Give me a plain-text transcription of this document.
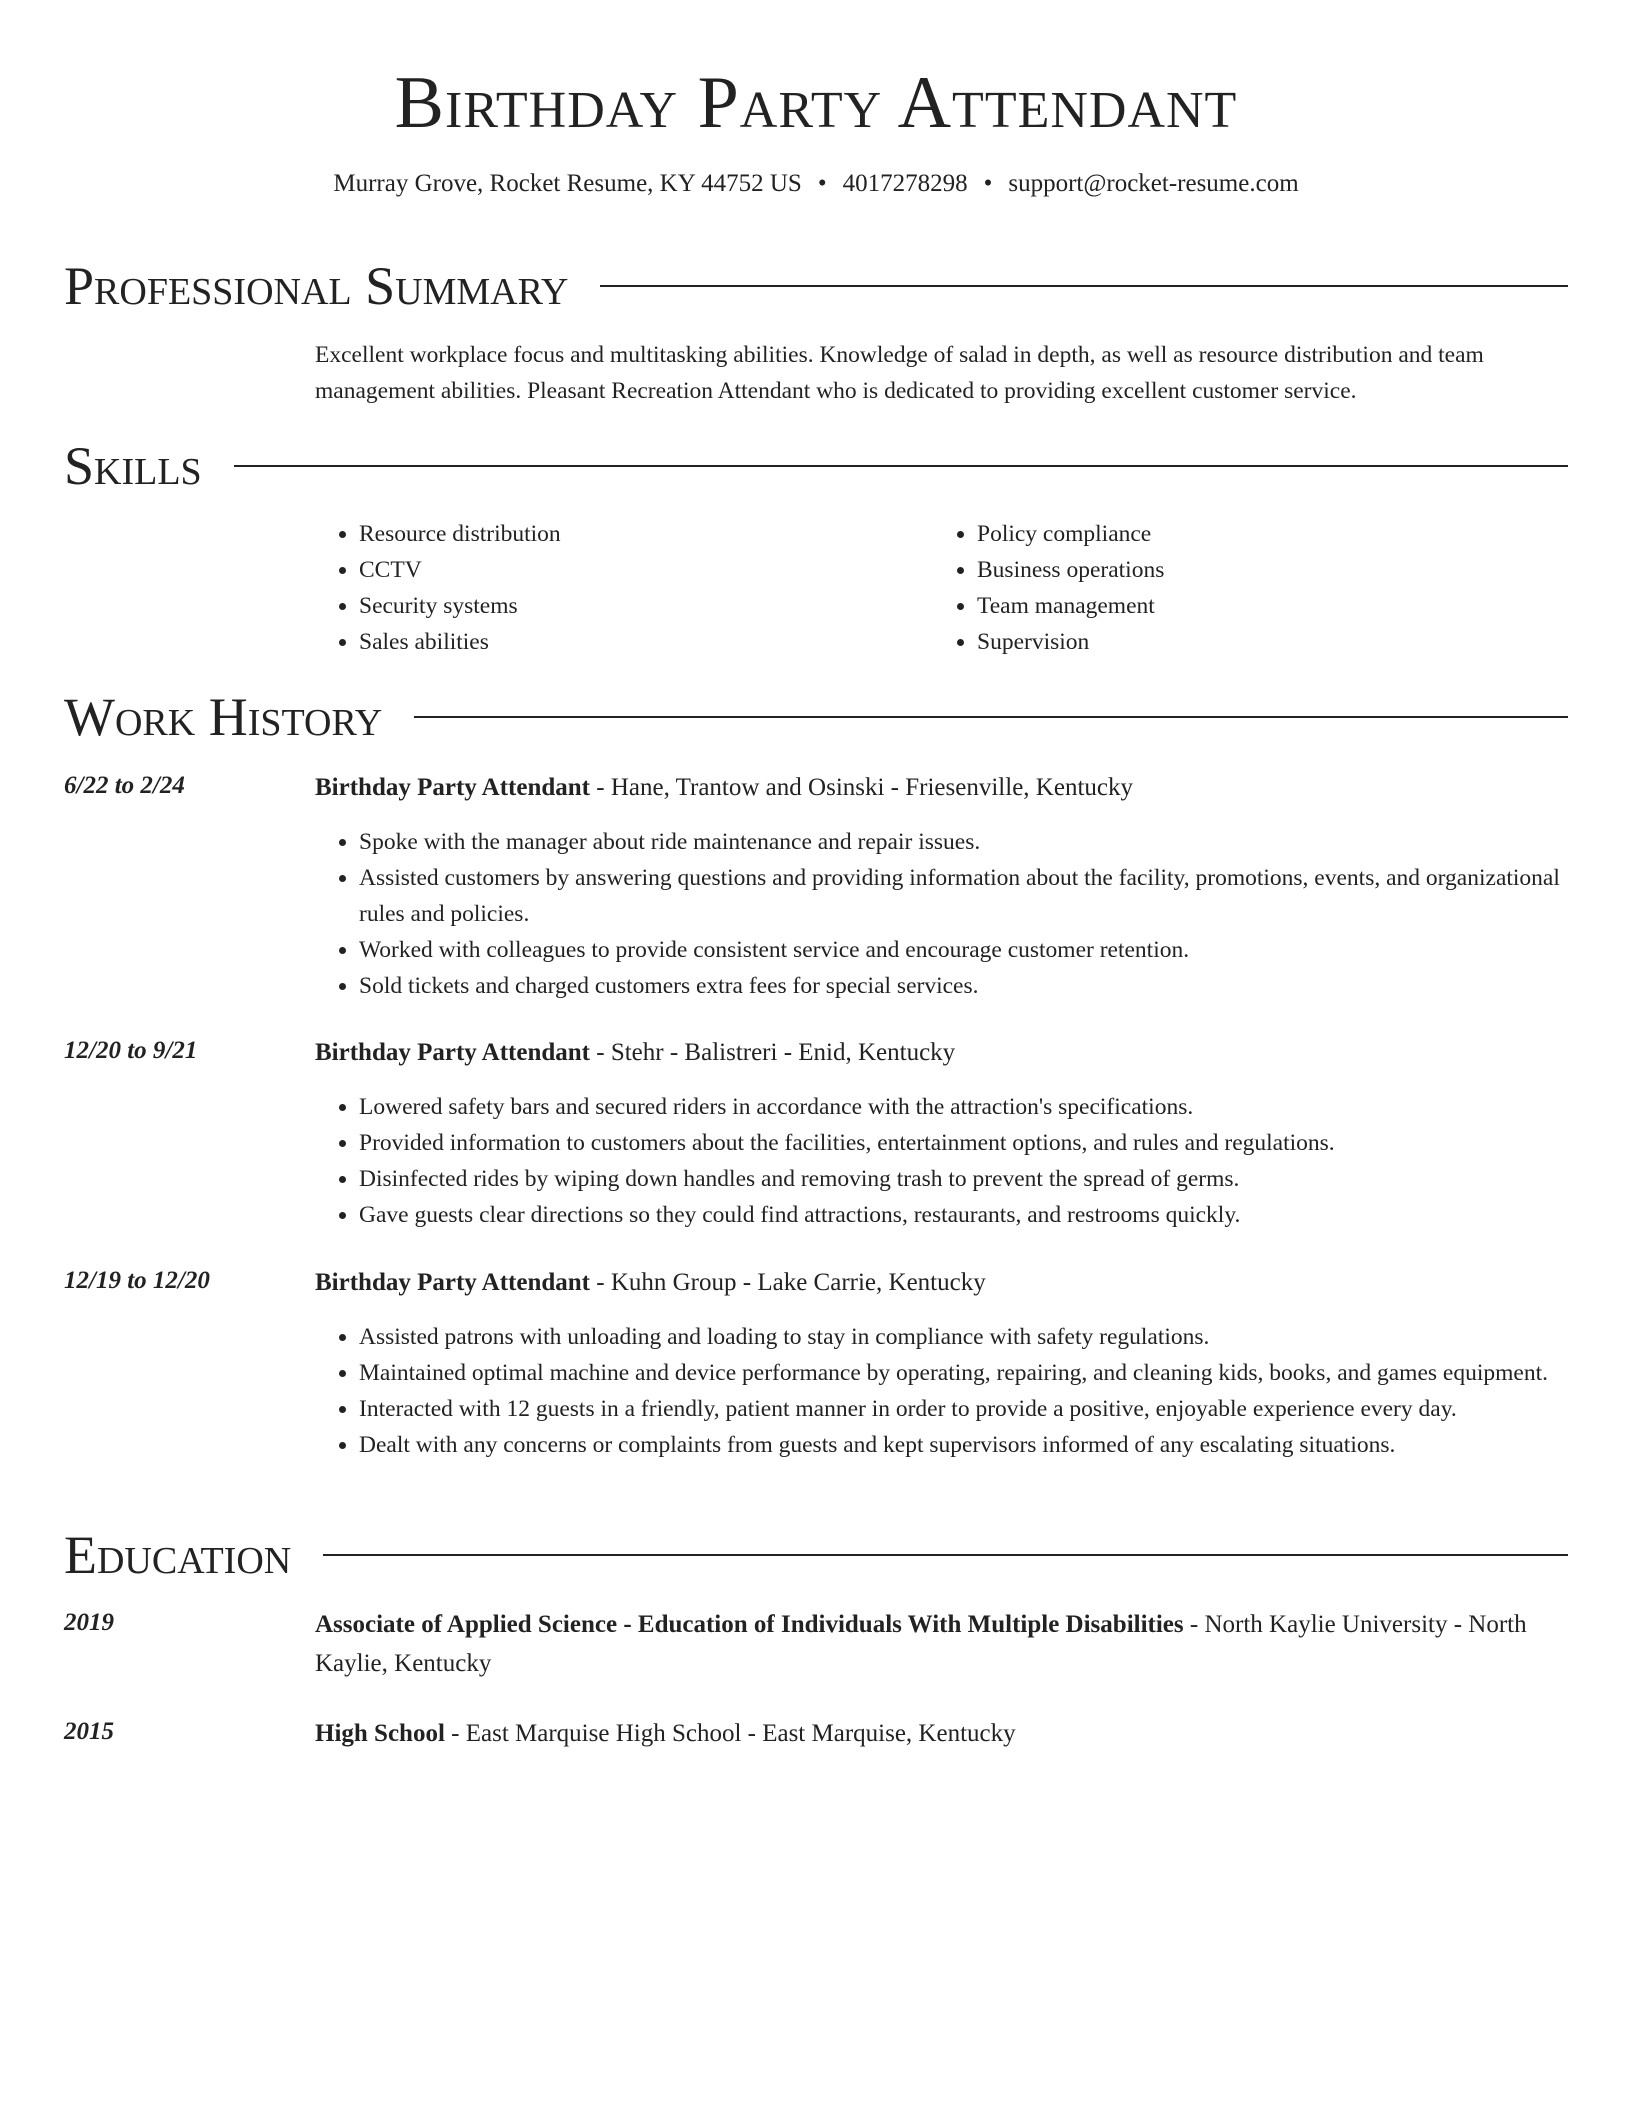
Birthday Party Attendant
Murray Grove, Rocket Resume, KY 44752 US • 4017278298 • support@rocket-resume.com
Professional Summary
Excellent workplace focus and multitasking abilities. Knowledge of salad in depth, as well as resource distribution and team management abilities. Pleasant Recreation Attendant who is dedicated to providing excellent customer service.
Skills
• Resource distribution
• CCTV
• Security systems
• Sales abilities
• Policy compliance
• Business operations
• Team management
• Supervision
Work History
6/22 to 2/24	Birthday Party Attendant - Hane, Trantow and Osinski - Friesenville, Kentucky
• Spoke with the manager about ride maintenance and repair issues.
• Assisted customers by answering questions and providing information about the facility, promotions, events, and organizational rules and policies.
• Worked with colleagues to provide consistent service and encourage customer retention.
• Sold tickets and charged customers extra fees for special services.
12/20 to 9/21	Birthday Party Attendant - Stehr - Balistreri - Enid, Kentucky
• Lowered safety bars and secured riders in accordance with the attraction's specifications.
• Provided information to customers about the facilities, entertainment options, and rules and regulations.
• Disinfected rides by wiping down handles and removing trash to prevent the spread of germs.
• Gave guests clear directions so they could find attractions, restaurants, and restrooms quickly.
12/19 to 12/20	Birthday Party Attendant - Kuhn Group - Lake Carrie, Kentucky
• Assisted patrons with unloading and loading to stay in compliance with safety regulations.
• Maintained optimal machine and device performance by operating, repairing, and cleaning kids, books, and games equipment.
• Interacted with 12 guests in a friendly, patient manner in order to provide a positive, enjoyable experience every day.
• Dealt with any concerns or complaints from guests and kept supervisors informed of any escalating situations.
Education
2019	Associate of Applied Science - Education of Individuals With Multiple Disabilities - North Kaylie University - North Kaylie, Kentucky
2015	High School - East Marquise High School - East Marquise, Kentucky
